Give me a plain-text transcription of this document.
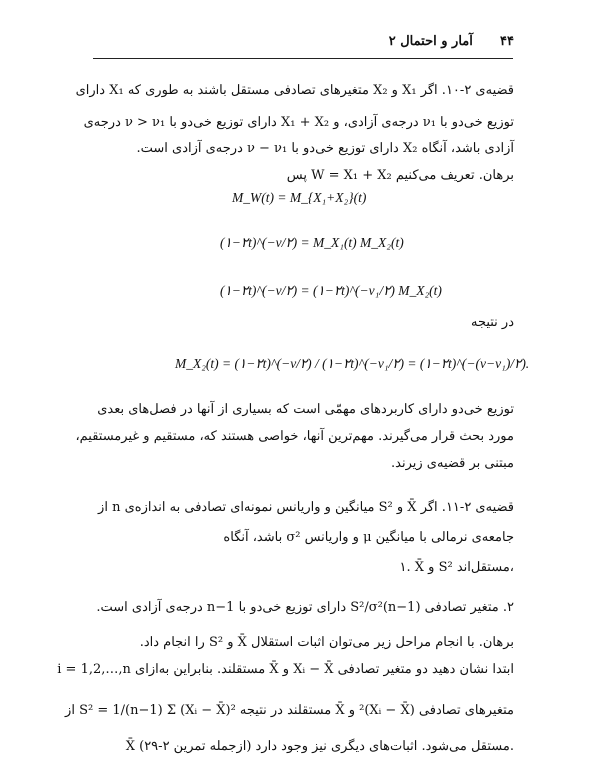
۴۴      آمار و احتمال ۲
قضیه‌ی ۲-۱۰. اگر X₁ و X₂ متغیرهای تصادفی مستقل باشند به طوری که X₁ دارای
توزیع خی‌دو با ν₁ درجه‌ی آزادی، و X₁ + X₂ دارای توزیع خی‌دو با ν > ν₁ درجه‌ی
آزادی باشد، آنگاه X₂ دارای توزیع خی‌دو با ν − ν₁ درجه‌ی آزادی است.
برهان. تعریف می‌کنیم W = X₁ + X₂ پس
M_W(t) = M_{X₁+X₂}(t)
(۱−۲t)^(−ν/۲) = M_X₁(t) M_X₂(t)
(۱−۲t)^(−ν/۲) = (۱−۲t)^(−ν₁/۲) M_X₂(t)
در نتیجه
M_X₂(t) = (۱−۲t)^(−ν/۲) / (۱−۲t)^(−ν₁/۲) = (۱−۲t)^(−(ν−ν₁)/۲).
توزیع خی‌دو دارای کاربردهای مهمّی است که بسیاری از آنها در فصل‌های بعدی
مورد بحث قرار می‌گیرند. مهم‌ترین آنها، خواصی هستند که، مستقیم و غیرمستقیم،
مبتنی بر قضیه‌ی زیرند.
قضیه‌ی ۲-۱۱. اگر X̄ و S² میانگین و واریانس نمونه‌ای تصادفی به اندازه‌ی n از
جامعه‌ی نرمالی با میانگین μ و واریانس σ² باشد، آنگاه
۱. X̄ و S² مستقل‌اند،
۲. متغیر تصادفی (n−1)S²/σ² دارای توزیع خی‌دو با n−1 درجه‌ی آزادی است.
برهان. با انجام مراحل زیر می‌توان اثبات استقلال X̄ و S² را انجام داد.
ابتدا نشان دهید دو متغیر تصادفی Xᵢ − X̄ و X̄ مستقلند. بنابراین به‌ازای i = 1,2,…,n
متغیرهای تصادفی (Xᵢ − X̄)² و X̄ مستقلند در نتیجه S² = 1/(n−1) Σ (Xᵢ − X̄)² از
X̄ مستقل می‌شود. اثبات‌های دیگری نیز وجود دارد (ازجمله تمرین ۲-۲۹).
